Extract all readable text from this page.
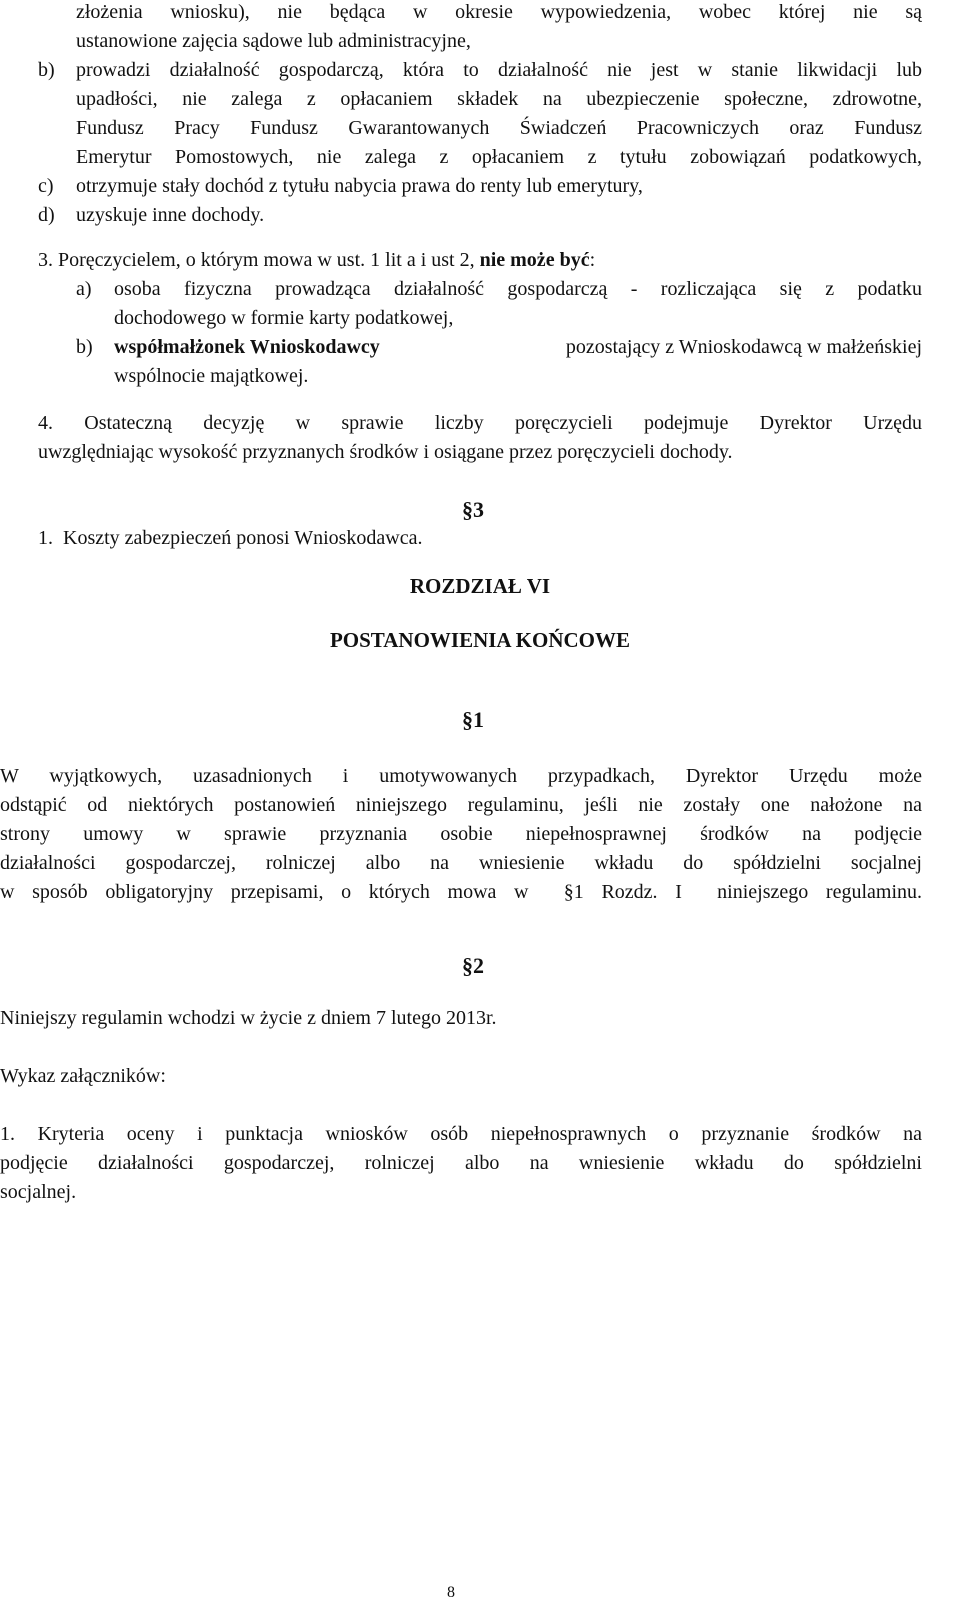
złożenia wniosku), nie będąca w okresie wypowiedzenia, wobec której nie są
ustanowione zajęcia sądowe lub administracyjne,
b) prowadzi działalność gospodarczą, która to działalność nie jest w stanie likwidacji lub
upadłości, nie zalega z opłacaniem składek na ubezpieczenie społeczne, zdrowotne,
Fundusz Pracy Fundusz Gwarantowanych Świadczeń Pracowniczych oraz Fundusz
Emerytur Pomostowych, nie zalega z opłacaniem z tytułu zobowiązań podatkowych,
c) otrzymuje stały dochód z tytułu nabycia prawa do renty lub emerytury,
d) uzyskuje inne dochody.
3. Poręczycielem, o którym mowa w ust. 1 lit a i ust 2, nie może być:
a) osoba fizyczna prowadząca działalność gospodarczą - rozliczająca się z podatku
dochodowego w formie karty podatkowej,
b) współmałżonek Wnioskodawcy	pozostający z Wnioskodawcą w małżeńskiej
wspólnocie majątkowej.
4. Ostateczną decyzję w sprawie liczby poręczycieli podejmuje Dyrektor Urzędu
uwzględniając wysokość przyznanych środków i osiągane przez poręczycieli dochody.
§3
1.  Koszty zabezpieczeń ponosi Wnioskodawca.
ROZDZIAŁ VI
POSTANOWIENIA KOŃCOWE
§1
W wyjątkowych, uzasadnionych i umotywowanych przypadkach, Dyrektor Urzędu może
odstąpić od niektórych postanowień niniejszego regulaminu, jeśli nie zostały one nałożone na
strony umowy w sprawie przyznania osobie niepełnosprawnej środków na podjęcie
działalności gospodarczej, rolniczej albo na wniesienie wkładu do spółdzielni socjalnej
w sposób obligatoryjny przepisami, o których mowa w  §1 Rozdz. I  niniejszego regulaminu.
§2
Niniejszy regulamin wchodzi w życie z dniem 7 lutego 2013r.
Wykaz załączników:
1. Kryteria oceny i punktacja wniosków osób niepełnosprawnych o przyznanie środków na
podjęcie działalności gospodarczej, rolniczej albo na wniesienie wkładu do spółdzielni
socjalnej.
8
